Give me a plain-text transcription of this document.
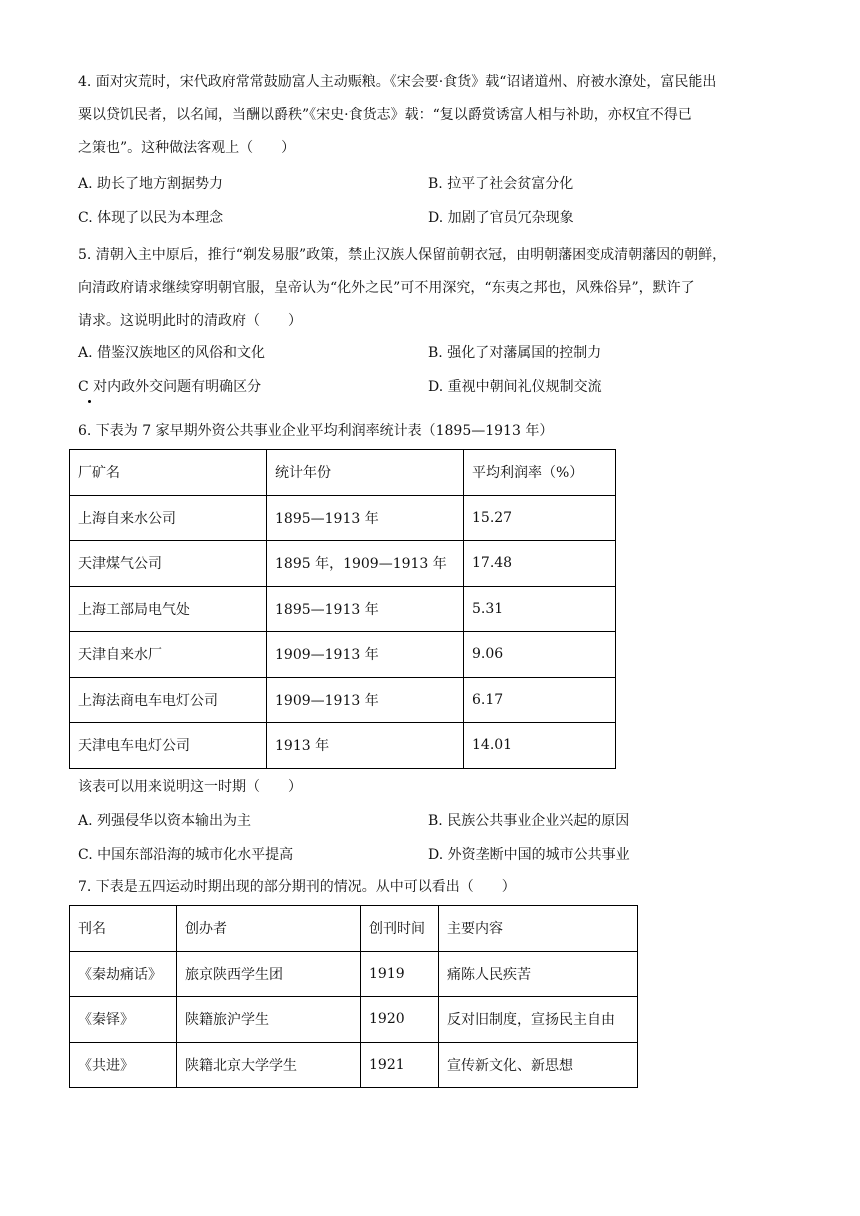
4. 面对灾荒时，宋代政府常常鼓励富人主动赈粮。《宋会要·食货》载“诏诸道州、府被水潦处，富民能出
粟以贷饥民者，以名闻，当酬以爵秩”《宋史·食货志》载：“复以爵赏诱富人相与补助，亦权宜不得已
之策也”。这种做法客观上（　　）
A. 助长了地方割据势力	B. 拉平了社会贫富分化
C. 体现了以民为本理念	D. 加剧了官员冗杂现象
5. 清朝入主中原后，推行“剃发易服”政策，禁止汉族人保留前朝衣冠，由明朝藩困变成清朝藩因的朝鲜，
向清政府请求继续穿明朝官服，皇帝认为“化外之民”可不用深究，“东夷之邦也，风殊俗异”，默许了
请求。这说明此时的清政府（　　）
A. 借鉴汉族地区的风俗和文化	B. 强化了对藩属国的控制力
C 对内政外交问题有明确区分	D. 重视中朝间礼仪规制交流
6. 下表为 7 家早期外资公共事业企业平均利润率统计表（1895—1913 年）
厂矿名	统计年份	平均利润率（%）
上海自来水公司	1895—1913 年	15.27
天津煤气公司	1895 年，1909—1913 年	17.48
上海工部局电气处	1895—1913 年	5.31
天津自来水厂	1909—1913 年	9.06
上海法商电车电灯公司	1909—1913 年	6.17
天津电车电灯公司	1913 年	14.01
该表可以用来说明这一时期（　　）
A. 列强侵华以资本输出为主	B. 民族公共事业企业兴起的原因
C. 中国东部沿海的城市化水平提高	D. 外资垄断中国的城市公共事业
7. 下表是五四运动时期出现的部分期刊的情况。从中可以看出（　　）
刊名	创办者	创刊时间	主要内容
《秦劫痛话》	旅京陕西学生团	1919	痛陈人民疾苦
《秦铎》	陕籍旅沪学生	1920	反对旧制度，宣扬民主自由
《共进》	陕籍北京大学学生	1921	宣传新文化、新思想
